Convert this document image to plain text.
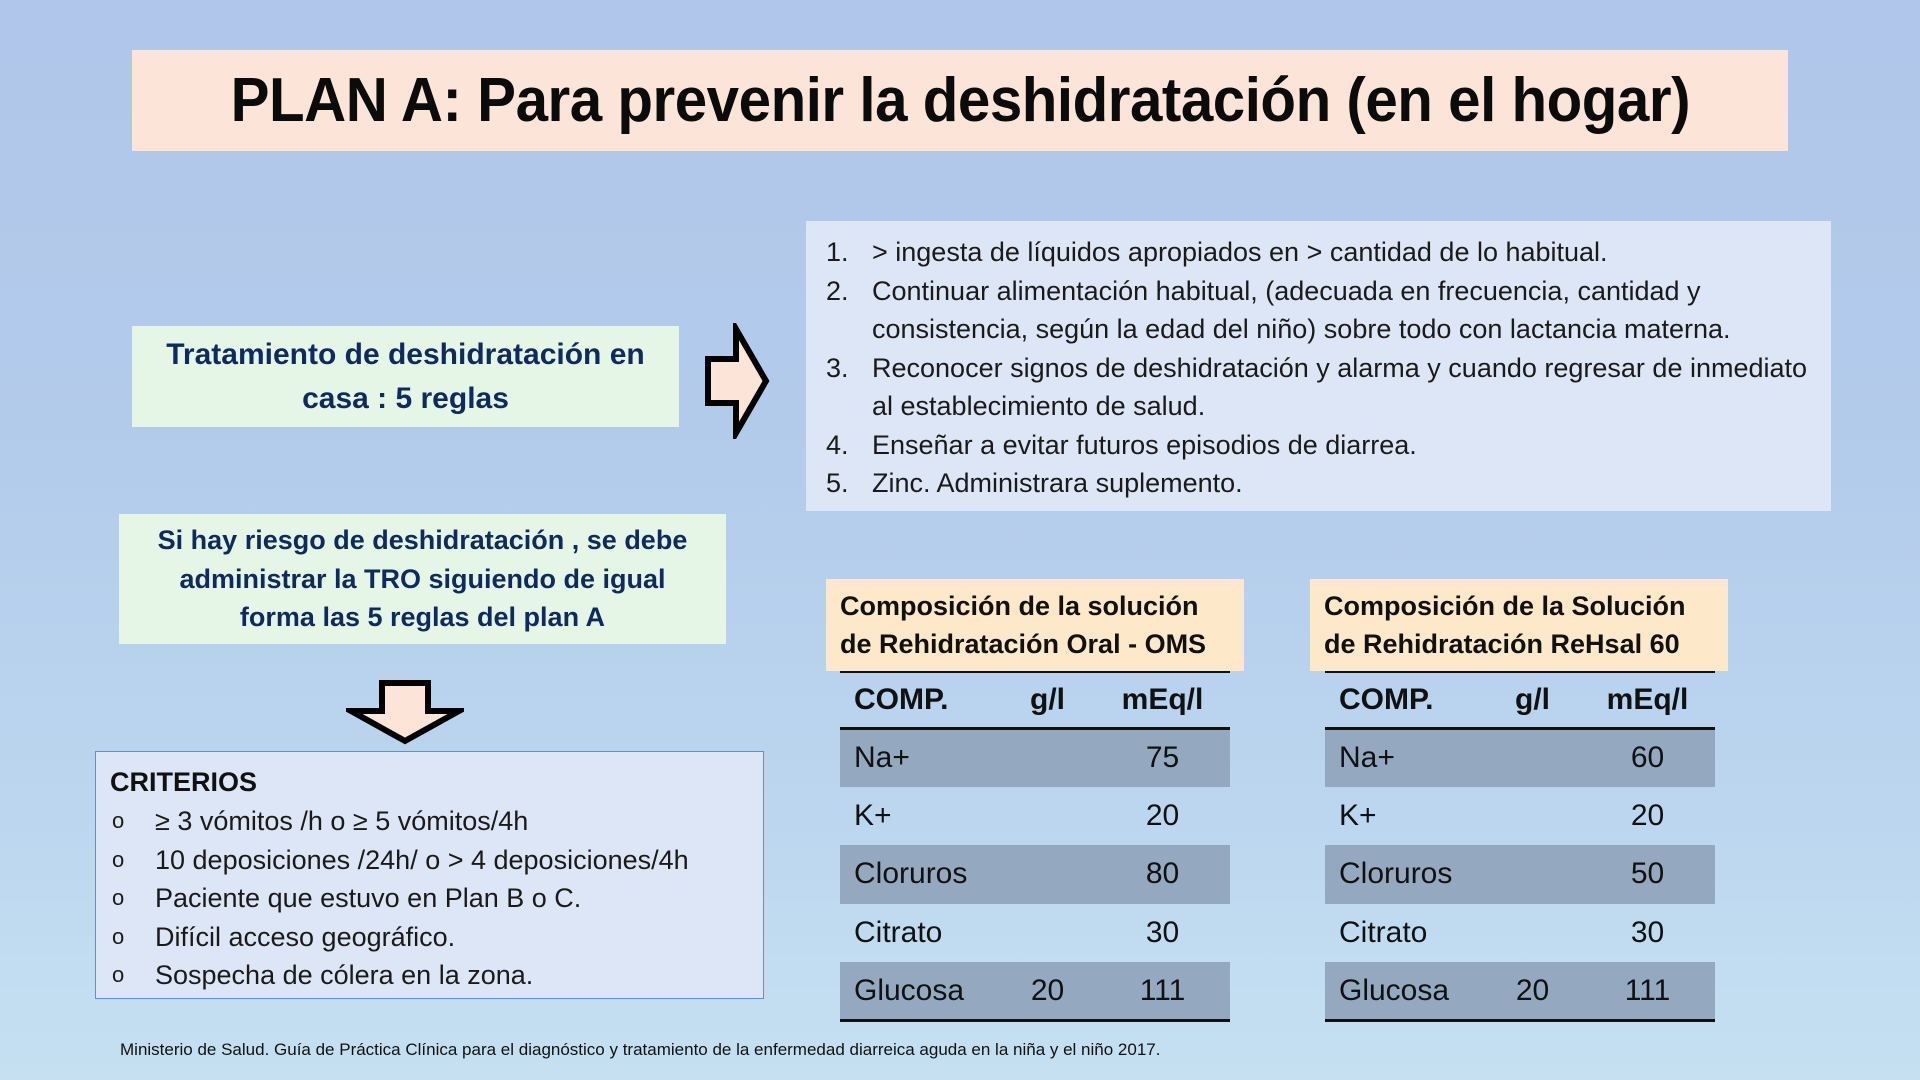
PLAN A: Para prevenir la deshidratación (en el hogar)
Tratamiento de deshidratación en casa : 5 reglas
1. > ingesta de líquidos apropiados en > cantidad de lo habitual.
2. Continuar alimentación habitual, (adecuada en frecuencia, cantidad y consistencia, según la edad del niño) sobre todo con lactancia materna.
3. Reconocer signos de deshidratación y alarma y cuando regresar de inmediato al establecimiento de salud.
4. Enseñar a evitar futuros episodios de diarrea.
5. Zinc. Administrara suplemento.
Si hay riesgo de deshidratación , se debe administrar la TRO siguiendo de igual forma las 5 reglas del plan A
CRITERIOS
o	≥ 3 vómitos /h o ≥ 5 vómitos/4h
o	10 deposiciones /24h/ o > 4 deposiciones/4h
o	Paciente que estuvo en Plan B o C.
o	Difícil acceso geográfico.
o	Sospecha de cólera en la zona.
Composición de la solución de Rehidratación Oral - OMS
COMP.	g/l	mEq/l
Na+		75
K+		20
Cloruros		80
Citrato		30
Glucosa	20	111
Composición de la Solución de Rehidratación ReHsal 60
COMP.	g/l	mEq/l
Na+		60
K+		20
Cloruros		50
Citrato		30
Glucosa	20	111
Ministerio de Salud. Guía de Práctica Clínica para el diagnóstico y tratamiento de la enfermedad diarreica aguda en la niña y el niño 2017.
